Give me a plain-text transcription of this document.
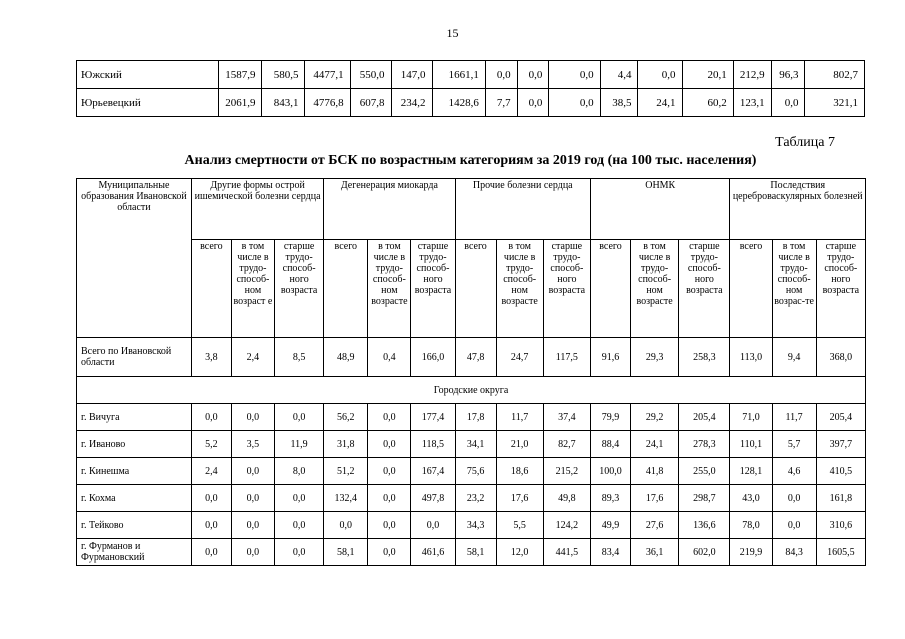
15
Южский	1587,9	580,5	4477,1	550,0	147,0	1661,1	0,0	0,0	0,0	4,4	0,0	20,1	212,9	96,3	802,7
Юрьевецкий	2061,9	843,1	4776,8	607,8	234,2	1428,6	7,7	0,0	0,0	38,5	24,1	60,2	123,1	0,0	321,1
Таблица 7
Анализ смертности от БСК по возрастным категориям за 2019 год (на 100 тыс. населения)
Муниципальные образования Ивановской области	Другие формы острой ишемической болезни сердца			Дегенерация миокарда			Прочие болезни сердца			ОНМК			Последствия цереброваскулярных болезней		
	всего	в том числе в трудо-способ-ном возраст е	старше трудо-способ-ного возраста	всего	в том числе в трудо-способ-ном возрасте	старше трудо-способ-ного возраста	всего	в том числе в трудо-способ-ном возрасте	старше трудо-способ-ного возраста	всего	в том числе в трудо-способ-ном возрасте	старше трудо-способ-ного возраста	всего	в том числе в трудо-способ-ном возрас-те	старше трудо-способ-ного возраста
Всего по Ивановской области	3,8	2,4	8,5	48,9	0,4	166,0	47,8	24,7	117,5	91,6	29,3	258,3	113,0	9,4	368,0
Городские округа															
г. Вичуга	0,0	0,0	0,0	56,2	0,0	177,4	17,8	11,7	37,4	79,9	29,2	205,4	71,0	11,7	205,4
г. Иваново	5,2	3,5	11,9	31,8	0,0	118,5	34,1	21,0	82,7	88,4	24,1	278,3	110,1	5,7	397,7
г. Кинешма	2,4	0,0	8,0	51,2	0,0	167,4	75,6	18,6	215,2	100,0	41,8	255,0	128,1	4,6	410,5
г. Кохма	0,0	0,0	0,0	132,4	0,0	497,8	23,2	17,6	49,8	89,3	17,6	298,7	43,0	0,0	161,8
г. Тейково	0,0	0,0	0,0	0,0	0,0	0,0	34,3	5,5	124,2	49,9	27,6	136,6	78,0	0,0	310,6
г. Фурманов и Фурмановский	0,0	0,0	0,0	58,1	0,0	461,6	58,1	12,0	441,5	83,4	36,1	602,0	219,9	84,3	1605,5
